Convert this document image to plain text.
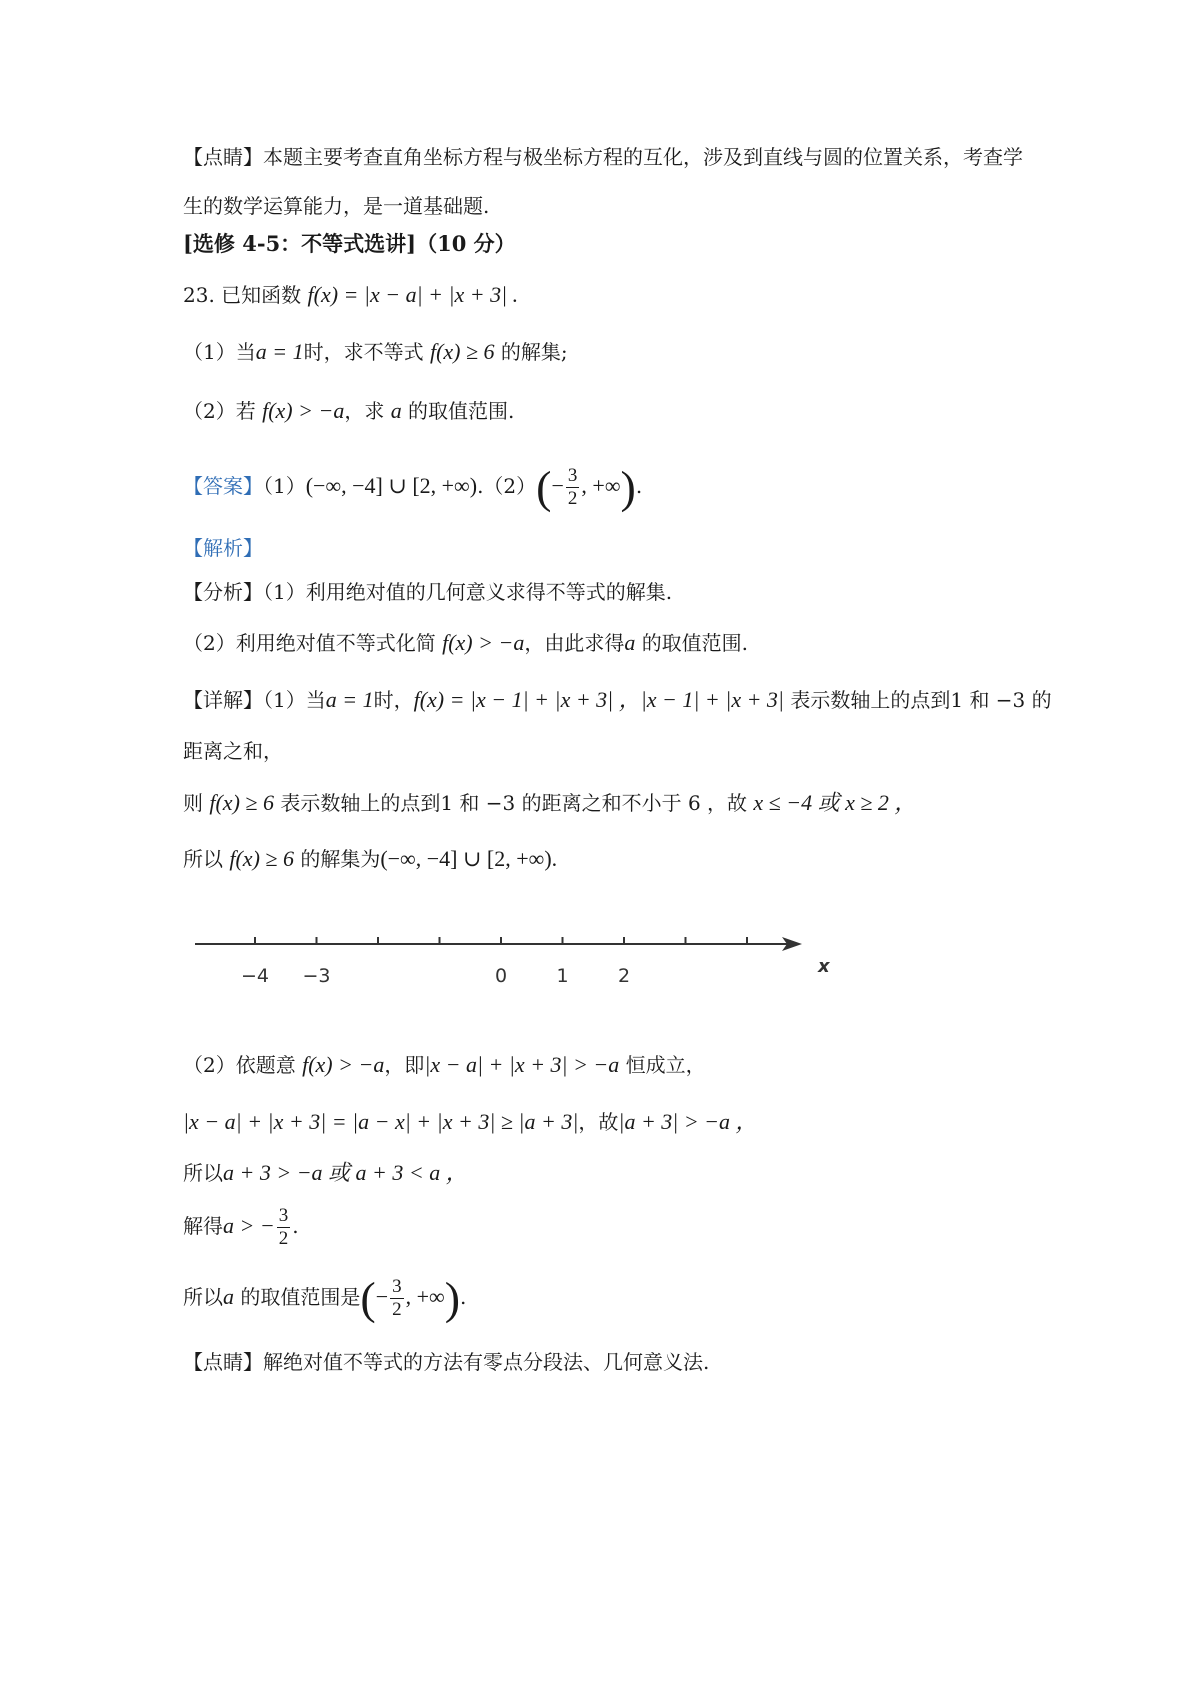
【点睛】本题主要考查直角坐标方程与极坐标方程的互化，涉及到直线与圆的位置关系，考查学生的数学运算能力，是一道基础题.
[选修 4-5：不等式选讲]（10 分）
23. 已知函数 f(x) = |x − a| + |x + 3| .
（1）当a = 1时，求不等式 f(x) ≥ 6 的解集;
（2）若 f(x) > −a，求 a 的取值范围.
【答案】（1）(−∞, −4] ∪ [2, $+\infty).(2)(- \frac{3}{2}$ , +∞).
【解析】
【分析】（1）利用绝对值的几何意义求得不等式的解集.
（2）利用绝对值不等式化简 f(x) > −a，由此求得a 的取值范围.
【详解】（1）当a = 1时，f(x) = |x − 1| + |x + 3| ，|x − 1| + |x + 3| 表示数轴上的点到1 和 −3 的
距离之和，
则 f(x) ≥ 6 表示数轴上的点到1 和 −3 的距离之和不小于 6 ，故 x ≤ −4 或 x ≥ 2 ，
所以 f(x) ≥ 6 的解集为(−∞, −4] ∪ [2, +∞).
−4 −3	0	1	2	x
（2）依题意 f(x) > −a，即|x − a| + |x + 3| > −a 恒成立，
|x − a| + |x + 3| = |a − x| + |x + 3| ≥ |a + 3|，故|a + 3| > −a ，
所以a + 3 > −a 或 a + 3 < a ，
解得a > − $\frac{3}{2}$ .
所以a 的取值范围是(− $\frac{3}{2}$ , +∞).
【点睛】解绝对值不等式的方法有零点分段法、几何意义法.
